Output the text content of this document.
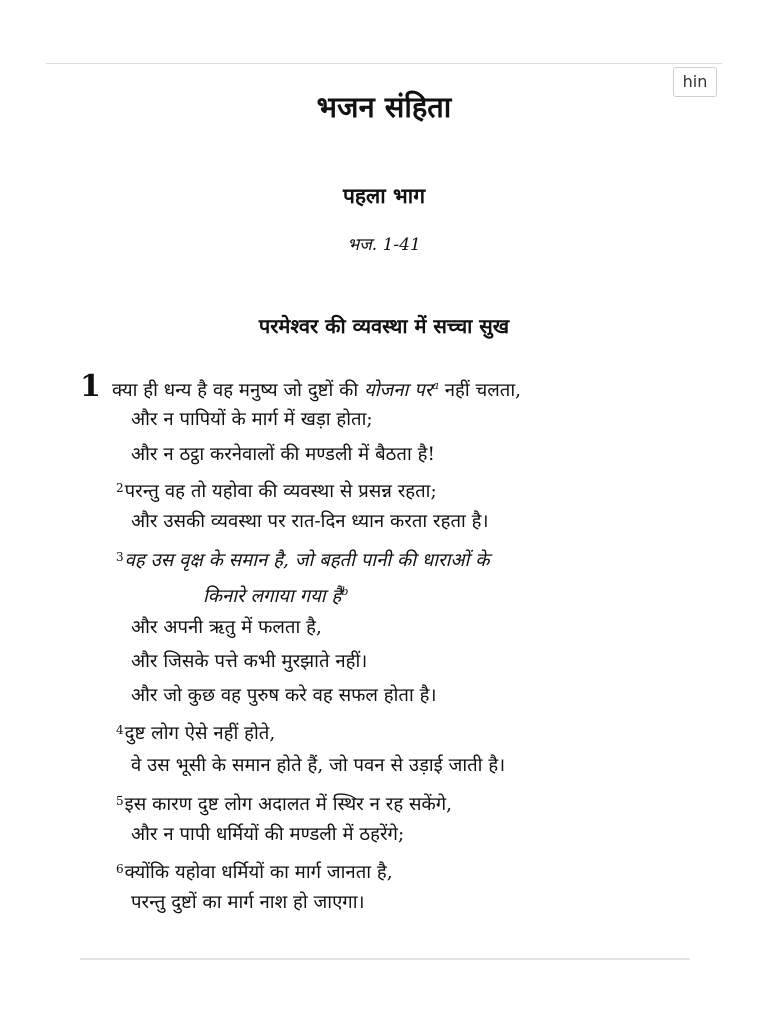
hin
भजन संहिता
पहला भाग
भज. 1-41
परमेश्वर की व्यवस्था में सच्चा सुख
1 क्या ही धन्य है वह मनुष्य जो दुष्टों की योजना पर$^a$ नहीं चलता,
और न पापियों के मार्ग में खड़ा होता;
और न ठट्ठा करनेवालों की मण्डली में बैठता है!
$^2$परन्तु वह तो यहोवा की व्यवस्था से प्रसन्न रहता;
और उसकी व्यवस्था पर रात-दिन ध्यान करता रहता है।
$^3$वह उस वृक्ष के समान है, जो बहती पानी की धाराओं के
किनारे लगाया गया है$^b$
और अपनी ऋतु में फलता है,
और जिसके पत्ते कभी मुरझाते नहीं।
और जो कुछ वह पुरुष करे वह सफल होता है।
$^4$दुष्ट लोग ऐसे नहीं होते,
वे उस भूसी के समान होते हैं, जो पवन से उड़ाई जाती है।
$^5$इस कारण दुष्ट लोग अदालत में स्थिर न रह सकेंगे,
और न पापी धर्मियों की मण्डली में ठहरेंगे;
$^6$क्योंकि यहोवा धर्मियों का मार्ग जानता है,
परन्तु दुष्टों का मार्ग नाश हो जाएगा।
